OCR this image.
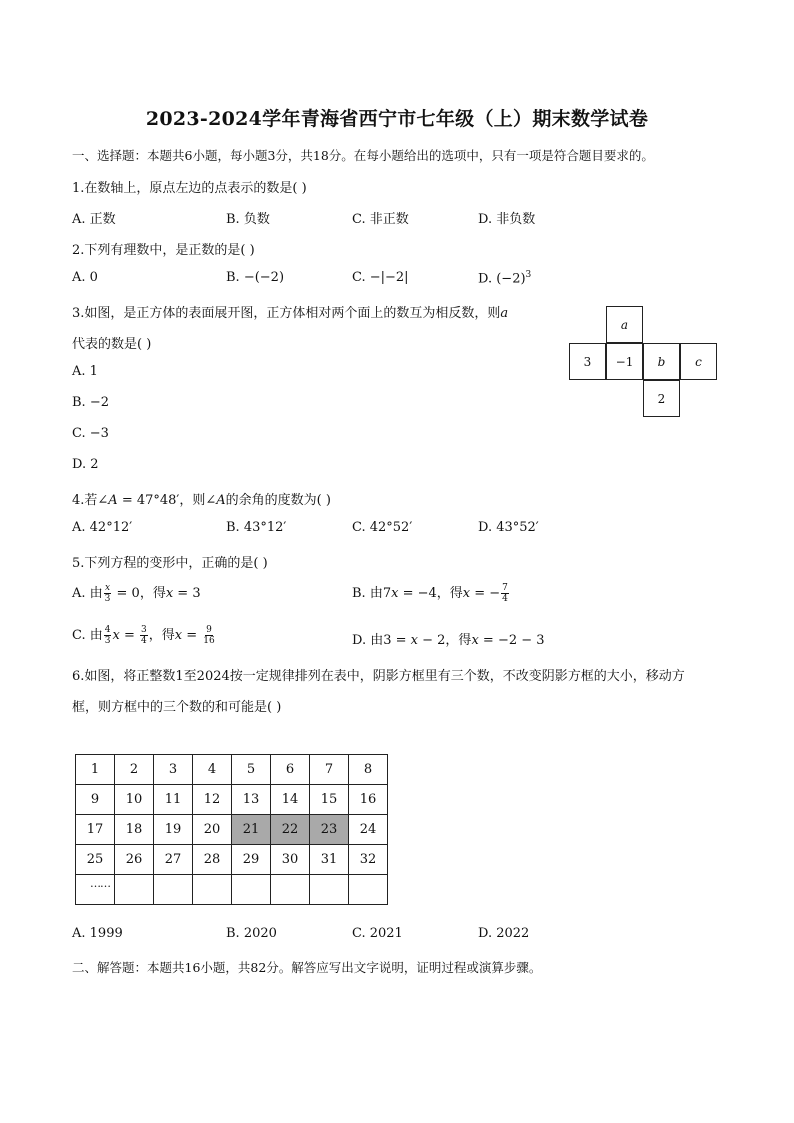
2023-2024学年青海省西宁市七年级（上）期末数学试卷
一、选择题：本题共6小题，每小题3分，共18分。在每小题给出的选项中，只有一项是符合题目要求的。
1.在数轴上，原点左边的点表示的数是( )
A. 正数	B. 负数	C. 非正数	D. 非负数
2.下列有理数中，是正数的是( )
A. 0	B. −(−2)	C. −|−2|	D. $(-2)^3$
3.如图，是正方体的表面展开图，正方体相对两个面上的数互为相反数，则a
代表的数是( )
A. 1
B. −2
C. −3
D. 2
a
3	−1	b	c
2
4.若∠A = 47°48′，则∠A的余角的度数为( )
A. 42°12′	B. 43°12′	C. 42°52′	D. 43°52′
5.下列方程的变形中，正确的是( )
A. 由 $\frac{x}{3} = 0$，得x = 3	B. 由7x = −4，得x = − $\frac{7}{4}$
C. 由 $\frac{4}{3}$ $x = \frac{3}{4}$ ，得$x = \frac{9}{16}$	D. 由3 = x − 2，得x = −2 − 3
6.如图，将正整数1至2024按一定规律排列在表中，阴影方框里有三个数，不改变阴影方框的大小，移动方
框，则方框中的三个数的和可能是( )
1	2	3	4	5	6	7	8
9	10	11	12	13	14	15	16
17	18	19	20	21	22	23	24
25	26	27	28	29	30	31	32
……							
A. 1999	B. 2020	C. 2021	D. 2022
二、解答题：本题共16小题，共82分。解答应写出文字说明，证明过程或演算步骤。
